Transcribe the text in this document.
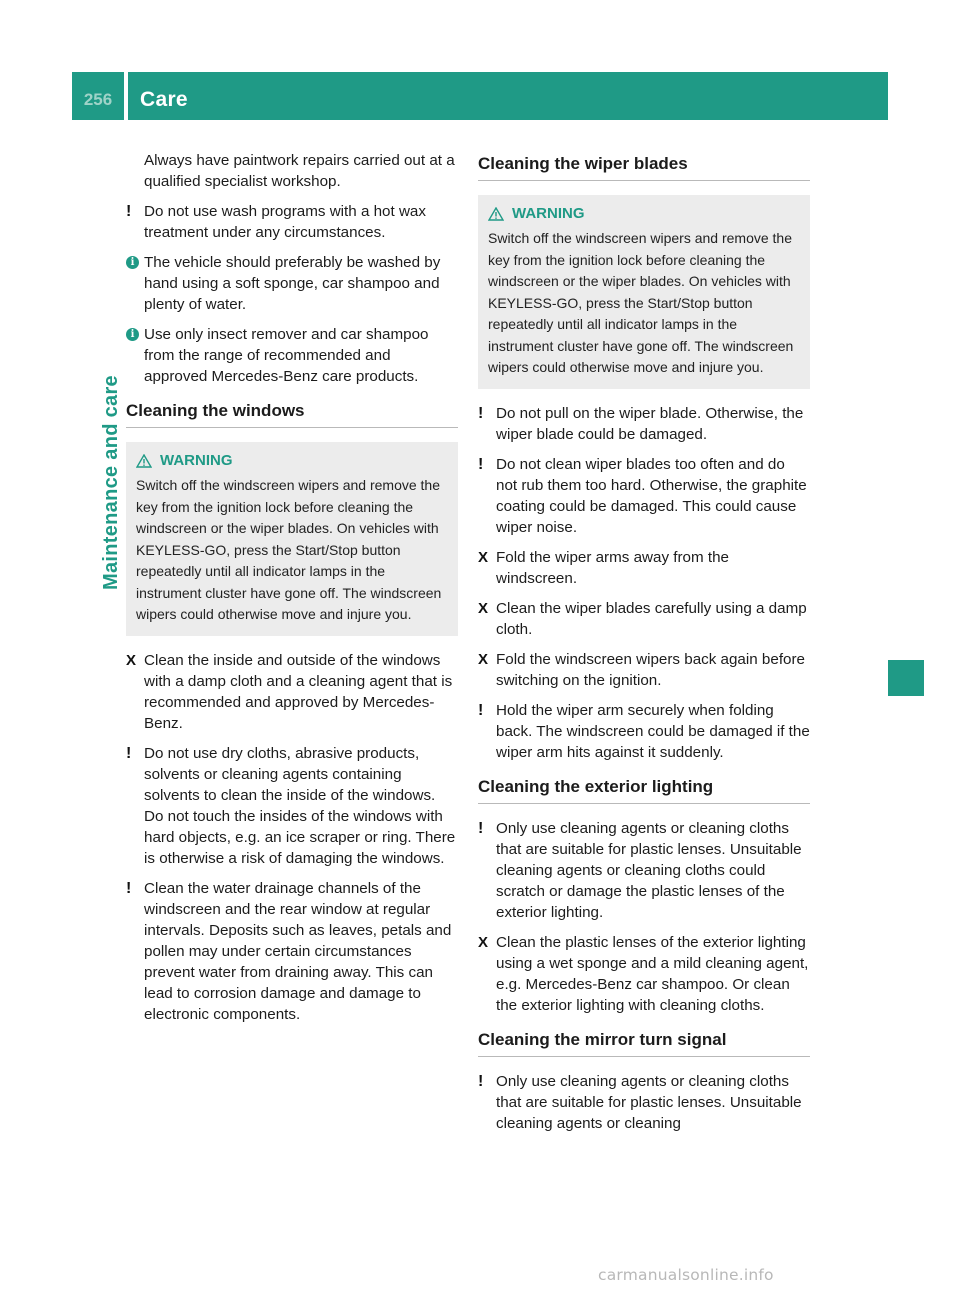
256	Care
Maintenance and care

Always have paintwork repairs carried out at a qualified specialist workshop.

! Do not use wash programs with a hot wax treatment under any circumstances.
i The vehicle should preferably be washed by hand using a soft sponge, car shampoo and plenty of water.
i Use only insect remover and car shampoo from the range of recommended and approved Mercedes-Benz care products.
Cleaning the windows
WARNING
Switch off the windscreen wipers and remove the key from the ignition lock before cleaning the windscreen or the wiper blades. On vehicles with KEYLESS-GO, press the Start/Stop button repeatedly until all indicator lamps in the instrument cluster have gone off. The windscreen wipers could otherwise move and injure you.
X Clean the inside and outside of the windows with a damp cloth and a cleaning agent that is recommended and approved by Mercedes-Benz.
! Do not use dry cloths, abrasive products, solvents or cleaning agents containing solvents to clean the inside of the windows. Do not touch the insides of the windows with hard objects, e.g. an ice scraper or ring. There is otherwise a risk of damaging the windows.
! Clean the water drainage channels of the windscreen and the rear window at regular intervals. Deposits such as leaves, petals and pollen may under certain circumstances prevent water from draining away. This can lead to corrosion damage and damage to electronic components.
Cleaning the wiper blades
WARNING
Switch off the windscreen wipers and remove the key from the ignition lock before cleaning the windscreen or the wiper blades. On vehicles with KEYLESS-GO, press the Start/Stop button repeatedly until all indicator lamps in the instrument cluster have gone off. The windscreen wipers could otherwise move and injure you.
! Do not pull on the wiper blade. Otherwise, the wiper blade could be damaged.
! Do not clean wiper blades too often and do not rub them too hard. Otherwise, the graphite coating could be damaged. This could cause wiper noise.
X Fold the wiper arms away from the windscreen.
X Clean the wiper blades carefully using a damp cloth.
X Fold the windscreen wipers back again before switching on the ignition.
! Hold the wiper arm securely when folding back. The windscreen could be damaged if the wiper arm hits against it suddenly.
Cleaning the exterior lighting
! Only use cleaning agents or cleaning cloths that are suitable for plastic lenses. Unsuitable cleaning agents or cleaning cloths could scratch or damage the plastic lenses of the exterior lighting.
X Clean the plastic lenses of the exterior lighting using a wet sponge and a mild cleaning agent, e.g. Mercedes-Benz car shampoo. Or clean the exterior lighting with cleaning cloths.
Cleaning the mirror turn signal
! Only use cleaning agents or cleaning cloths that are suitable for plastic lenses. Unsuitable cleaning agents or cleaning
carmanualsonline.info
